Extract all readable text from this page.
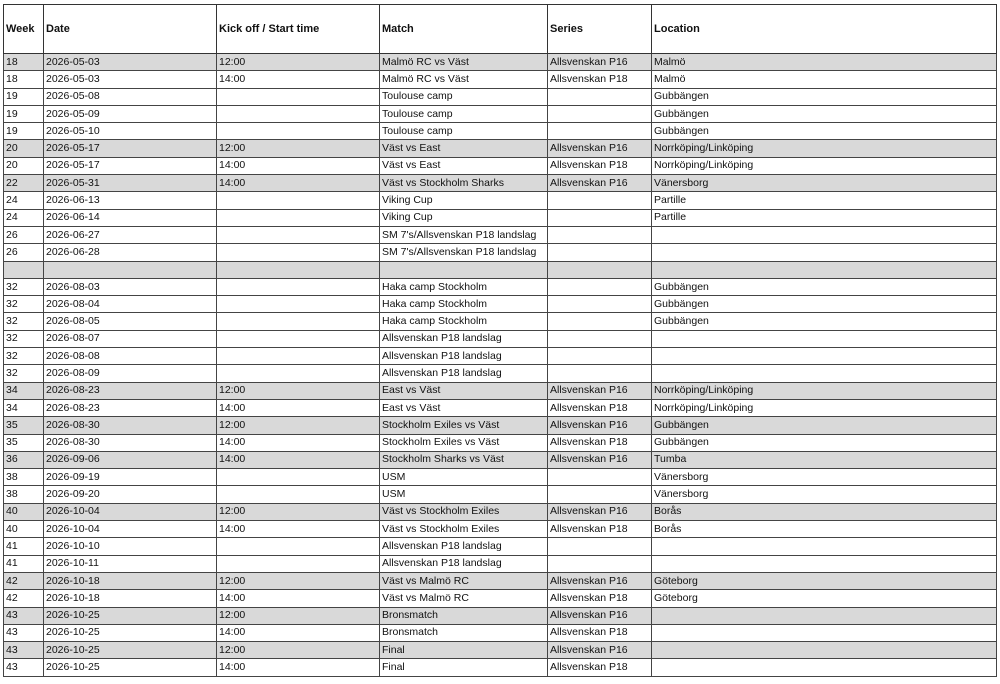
Week	Date	Kick off / Start time	Match	Series	Location
18	2026-05-03	12:00	Malmö RC vs Väst	Allsvenskan P16	Malmö
18	2026-05-03	14:00	Malmö RC vs Väst	Allsvenskan P18	Malmö
19	2026-05-08		Toulouse camp		Gubbängen
19	2026-05-09		Toulouse camp		Gubbängen
19	2026-05-10		Toulouse camp		Gubbängen
20	2026-05-17	12:00	Väst vs East	Allsvenskan P16	Norrköping/Linköping
20	2026-05-17	14:00	Väst vs East	Allsvenskan P18	Norrköping/Linköping
22	2026-05-31	14:00	Väst vs Stockholm Sharks	Allsvenskan P16	Vänersborg
24	2026-06-13		Viking Cup		Partille
24	2026-06-14		Viking Cup		Partille
26	2026-06-27		SM 7's/Allsvenskan P18 landslag		
26	2026-06-28		SM 7's/Allsvenskan P18 landslag		

32	2026-08-03		Haka camp Stockholm		Gubbängen
32	2026-08-04		Haka camp Stockholm		Gubbängen
32	2026-08-05		Haka camp Stockholm		Gubbängen
32	2026-08-07		Allsvenskan P18 landslag		
32	2026-08-08		Allsvenskan P18 landslag		
32	2026-08-09		Allsvenskan P18 landslag		
34	2026-08-23	12:00	East vs Väst	Allsvenskan P16	Norrköping/Linköping
34	2026-08-23	14:00	East vs Väst	Allsvenskan P18	Norrköping/Linköping
35	2026-08-30	12:00	Stockholm Exiles vs Väst	Allsvenskan P16	Gubbängen
35	2026-08-30	14:00	Stockholm Exiles vs Väst	Allsvenskan P18	Gubbängen
36	2026-09-06	14:00	Stockholm Sharks vs Väst	Allsvenskan P16	Tumba
38	2026-09-19		USM		Vänersborg
38	2026-09-20		USM		Vänersborg
40	2026-10-04	12:00	Väst vs Stockholm Exiles	Allsvenskan P16	Borås
40	2026-10-04	14:00	Väst vs Stockholm Exiles	Allsvenskan P18	Borås
41	2026-10-10		Allsvenskan P18 landslag		
41	2026-10-11		Allsvenskan P18 landslag		
42	2026-10-18	12:00	Väst vs Malmö RC	Allsvenskan P16	Göteborg
42	2026-10-18	14:00	Väst vs Malmö RC	Allsvenskan P18	Göteborg
43	2026-10-25	12:00	Bronsmatch	Allsvenskan P16	
43	2026-10-25	14:00	Bronsmatch	Allsvenskan P18	
43	2026-10-25	12:00	Final	Allsvenskan P16	
43	2026-10-25	14:00	Final	Allsvenskan P18	
